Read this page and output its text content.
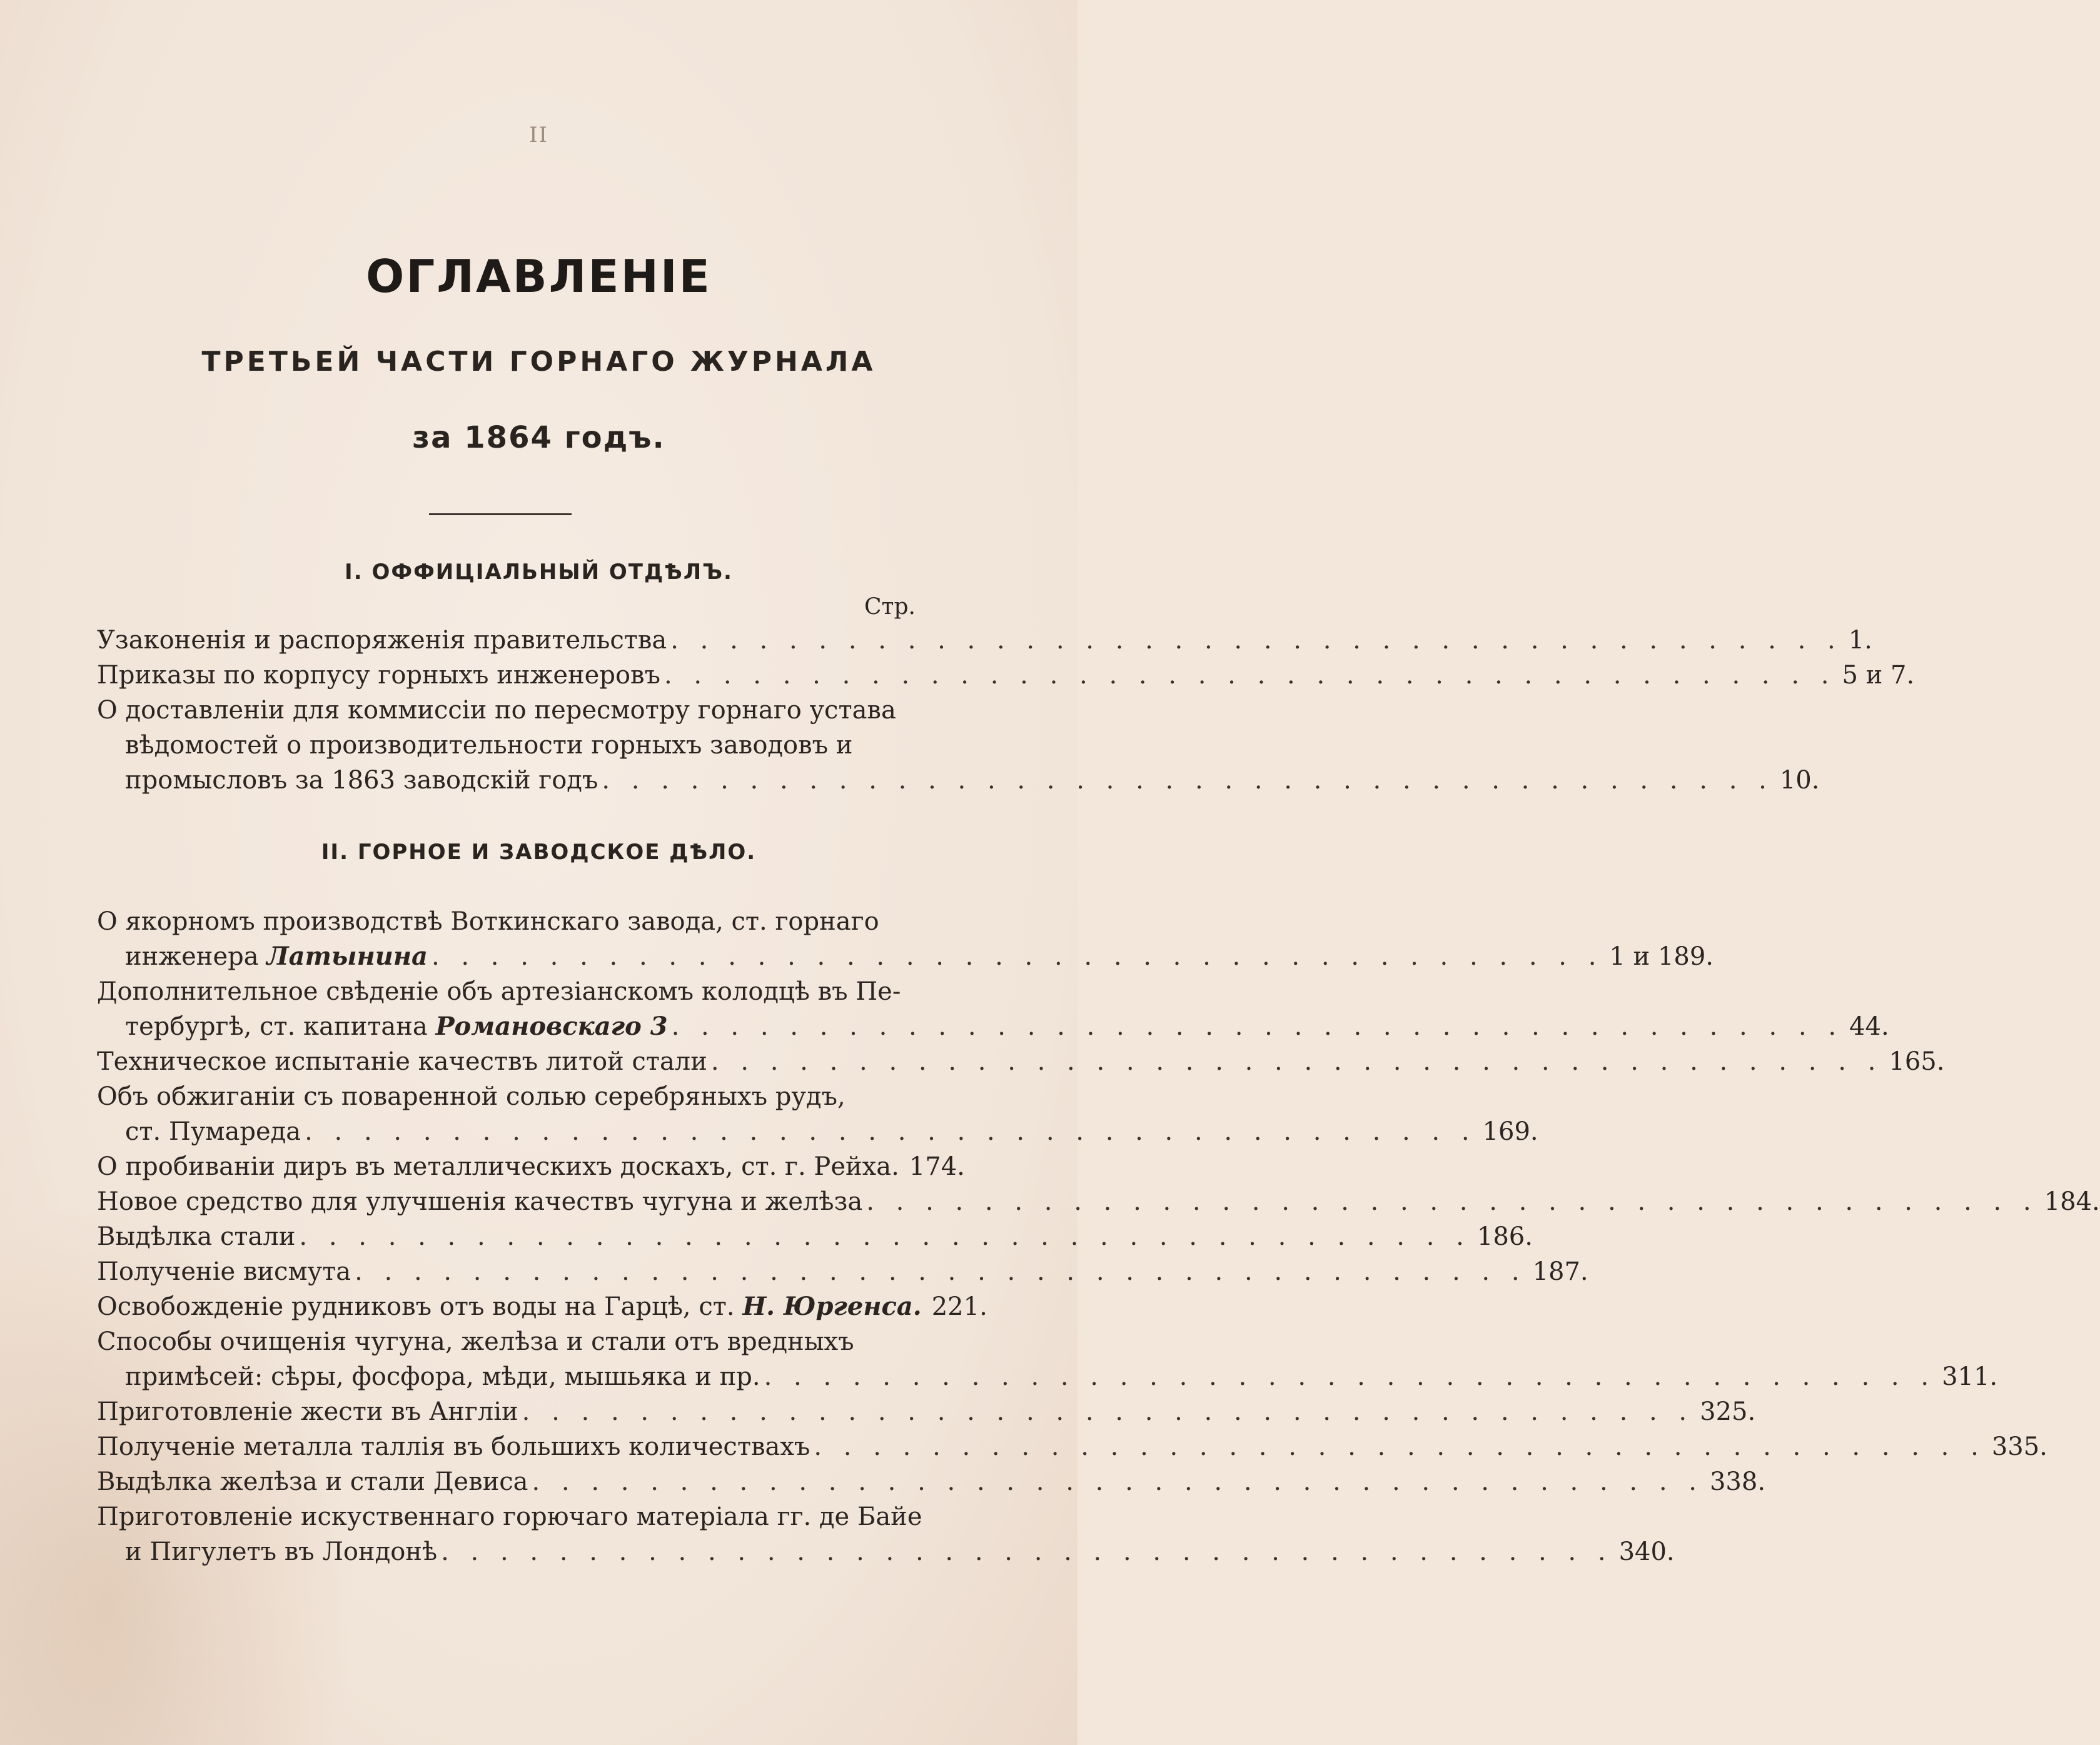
II
ОГЛАВЛЕНІЕ
ТРЕТЬЕЙ ЧАСТИ ГОРНАГО ЖУРНАЛА
за 1864 годъ.
I. ОФФИЦІАЛЬНЫЙ ОТДѢЛЪ.
Стр.
Узаконенія и распоряженія правительства . . . . . . . . . . . . . . . . . . . . . . . . . . . . . . . . . . . . . . . . 1.
Приказы по корпусу горныхъ инженеровъ . . . . . . . . . . . . . . . . . . . . . . . . . . . . . . . . . . . . . . . . 5 и 7.
О доставленіи для коммиссіи по пересмотру горнаго устава
вѣдомостей о производительности горныхъ заводовъ и
промысловъ за 1863 заводскій годъ . . . . . . . . . . . . . . . . . . . . . . . . . . . . . . . . . . . . . . . . 10.
II. ГОРНОЕ И ЗАВОДСКОЕ ДѢЛО.
О якорномъ производствѣ Воткинскаго завода, ст. горнаго
инженера Латынина . . . . . . . . . . . . . . . . . . . . . . . . . . . . . . . . . . . . . . . . 1 и 189.
Дополнительное свѣденіе объ артезіанскомъ колодцѣ въ Пе-
тербургѣ, ст. капитана Романовскаго 3 . . . . . . . . . . . . . . . . . . . . . . . . . . . . . . . . . . . . . . . . 44.
Техническое испытаніе качествъ литой стали . . . . . . . . . . . . . . . . . . . . . . . . . . . . . . . . . . . . . . . . 165.
Объ обжиганіи съ поваренной солью серебряныхъ рудъ,
ст. Пумареда . . . . . . . . . . . . . . . . . . . . . . . . . . . . . . . . . . . . . . . . 169.
О пробиваніи диръ въ металлическихъ доскахъ, ст. г. Рейха. 174.
Новое средство для улучшенія качествъ чугуна и желѣза . . . . . . . . . . . . . . . . . . . . . . . . . . . . . . . . . . . . . . . . 184.
Выдѣлка стали . . . . . . . . . . . . . . . . . . . . . . . . . . . . . . . . . . . . . . . . 186.
Полученіе висмута . . . . . . . . . . . . . . . . . . . . . . . . . . . . . . . . . . . . . . . . 187.
Освобожденіе рудниковъ отъ воды на Гарцѣ, ст. Н. Юргенса. 221.
Способы очищенія чугуна, желѣза и стали отъ вредныхъ
примѣсей: сѣры, фосфора, мѣди, мышьяка и пр. . . . . . . . . . . . . . . . . . . . . . . . . . . . . . . . . . . . . . . . . 311.
Приготовленіе жести въ Англіи . . . . . . . . . . . . . . . . . . . . . . . . . . . . . . . . . . . . . . . . 325.
Полученіе металла таллія въ большихъ количествахъ . . . . . . . . . . . . . . . . . . . . . . . . . . . . . . . . . . . . . . . . 335.
Выдѣлка желѣза и стали Девиса . . . . . . . . . . . . . . . . . . . . . . . . . . . . . . . . . . . . . . . . 338.
Приготовленіе искуственнаго горючаго матеріала гг. де Байе
и Пигулетъ въ Лондонѣ . . . . . . . . . . . . . . . . . . . . . . . . . . . . . . . . . . . . . . . . 340.
